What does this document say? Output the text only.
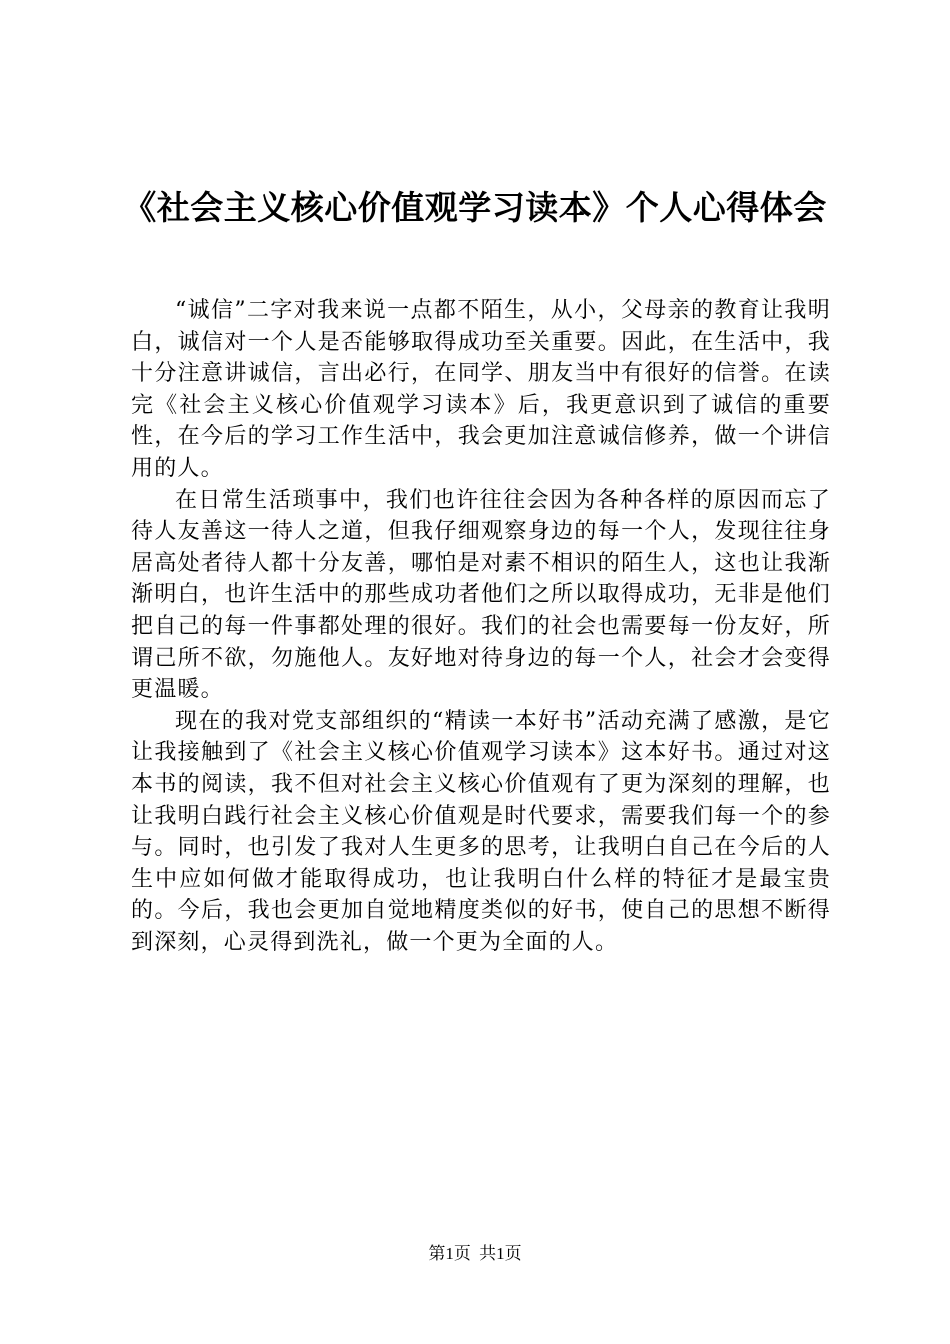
《社会主义核心价值观学习读本》个人心得体会

“诚信”二字对我来说一点都不陌生，从小，父母亲的教育让我明白，诚信对一个人是否能够取得成功至关重要。因此，在生活中，我十分注意讲诚信，言出必行，在同学、朋友当中有很好的信誉。在读完《社会主义核心价值观学习读本》后，我更意识到了诚信的重要性，在今后的学习工作生活中，我会更加注意诚信修养，做一个讲信用的人。

在日常生活琐事中，我们也许往往会因为各种各样的原因而忘了待人友善这一待人之道，但我仔细观察身边的每一个人，发现往往身居高处者待人都十分友善，哪怕是对素不相识的陌生人，这也让我渐渐明白，也许生活中的那些成功者他们之所以取得成功，无非是他们把自己的每一件事都处理的很好。我们的社会也需要每一份友好，所谓己所不欲，勿施他人。友好地对待身边的每一个人，社会才会变得更温暖。

现在的我对党支部组织的“精读一本好书”活动充满了感激，是它让我接触到了《社会主义核心价值观学习读本》这本好书。通过对这本书的阅读，我不但对社会主义核心价值观有了更为深刻的理解，也让我明白践行社会主义核心价值观是时代要求，需要我们每一个的参与。同时，也引发了我对人生更多的思考，让我明白自己在今后的人生中应如何做才能取得成功，也让我明白什么样的特征才是最宝贵的。今后，我也会更加自觉地精度类似的好书，使自己的思想不断得到深刻，心灵得到洗礼，做一个更为全面的人。

第1页 共1页
